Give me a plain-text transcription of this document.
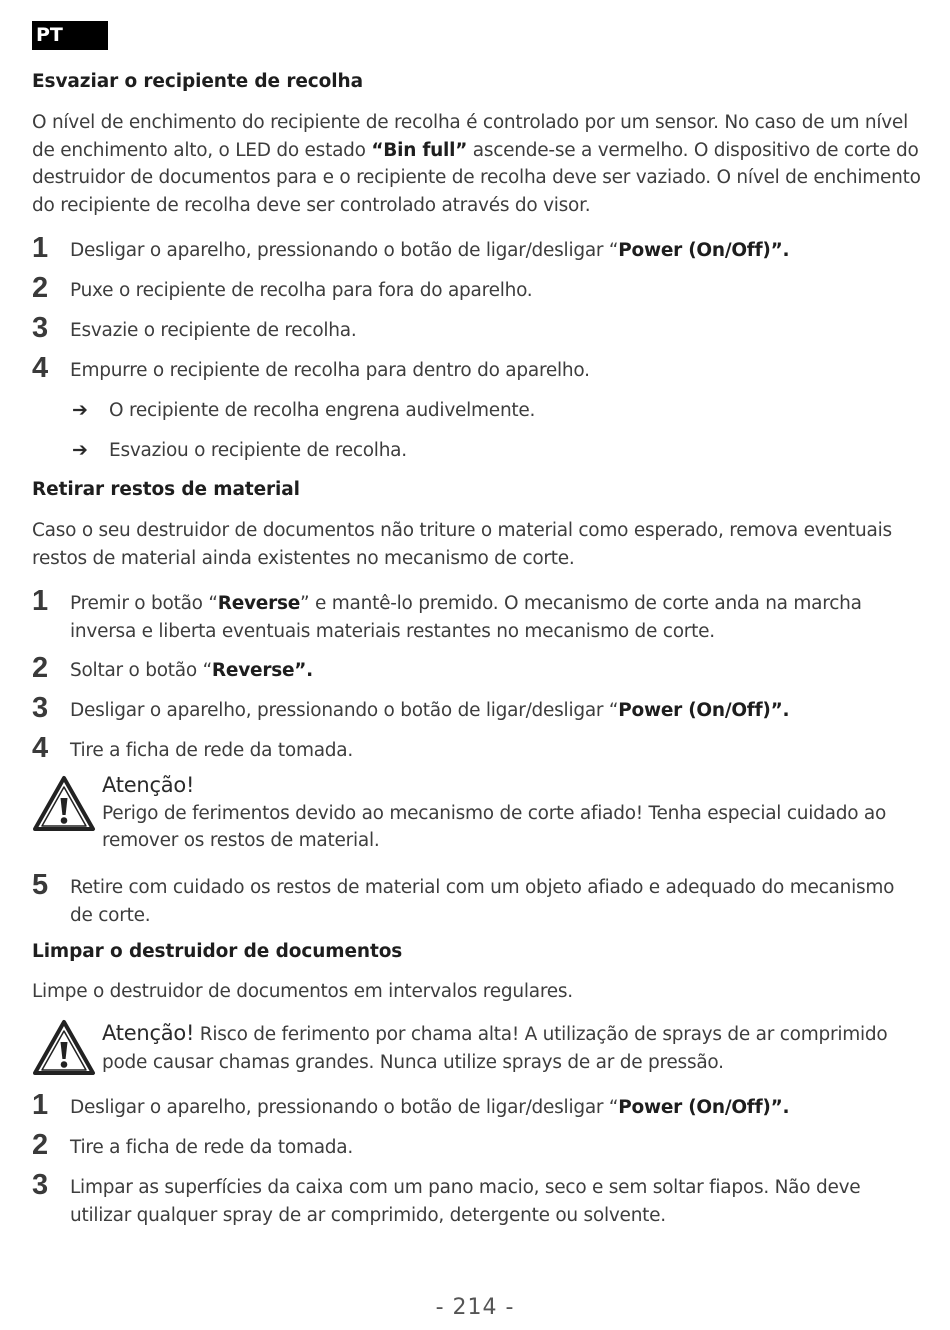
PT
Esvaziar o recipiente de recolha
O nível de enchimento do recipiente de recolha é controlado por um sensor. No caso de um nível de enchimento alto, o LED do estado “Bin full” ascende-se a vermelho. O dispositivo de corte do destruidor de documentos para e o recipiente de recolha deve ser vaziado. O nível de enchimento do recipiente de recolha deve ser controlado através do visor.
1	Desligar o aparelho, pressionando o botão de ligar/desligar “Power (On/Off)”.
2	Puxe o recipiente de recolha para fora do aparelho.
3	Esvazie o recipiente de recolha.
4	Empurre o recipiente de recolha para dentro do aparelho.
➔ O recipiente de recolha engrena audivelmente.
➔ Esvaziou o recipiente de recolha.
Retirar restos de material
Caso o seu destruidor de documentos não triture o material como esperado, remova eventuais restos de material ainda existentes no mecanismo de corte.
1	Premir o botão “Reverse” e mantê-lo premido. O mecanismo de corte anda na marcha inversa e liberta eventuais materiais restantes no mecanismo de corte.
2	Soltar o botão “Reverse”.
3	Desligar o aparelho, pressionando o botão de ligar/desligar “Power (On/Off)”.
4	Tire a ficha de rede da tomada.
Atenção!
Perigo de ferimentos devido ao mecanismo de corte afiado! Tenha especial cuidado ao remover os restos de material.
5	Retire com cuidado os restos de material com um objeto afiado e adequado do mecanismo de corte.
Limpar o destruidor de documentos
Limpe o destruidor de documentos em intervalos regulares.
Atenção! Risco de ferimento por chama alta! A utilização de sprays de ar comprimido pode causar chamas grandes. Nunca utilize sprays de ar de pressão.
1	Desligar o aparelho, pressionando o botão de ligar/desligar “Power (On/Off)”.
2	Tire a ficha de rede da tomada.
3	Limpar as superfícies da caixa com um pano macio, seco e sem soltar fiapos. Não deve utilizar qualquer spray de ar comprimido, detergente ou solvente.
- 214 -
